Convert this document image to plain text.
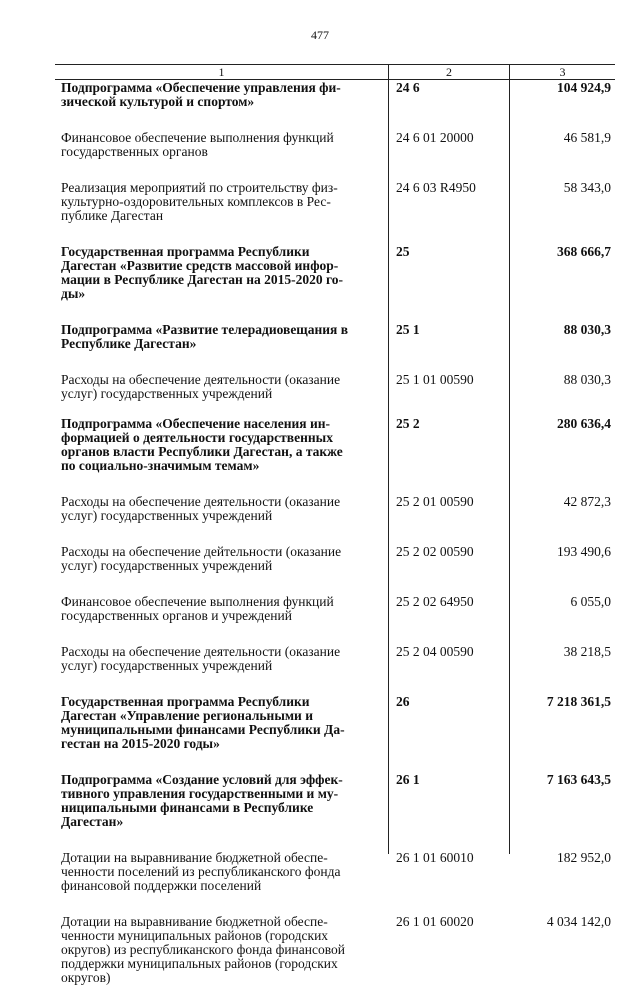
477
1	2	3
Подпрограмма «Обеспечение управления фи-
зической культурой и спортом»
24 6	104 924,9
Финансовое обеспечение выполнения функций
государственных органов
24 6 01 20000	46 581,9
Реализация мероприятий по строительству физ-
культурно-оздоровительных комплексов в Рес-
публике Дагестан
24 6 03 R4950	58 343,0
Государственная программа Республики
Дагестан «Развитие средств массовой инфор-
мации в Республике Дагестан на 2015-2020 го-
ды»
25	368 666,7
Подпрограмма «Развитие телерадиовещания в
Республике Дагестан»
25 1	88 030,3
Расходы на обеспечение деятельности (оказание
услуг) государственных учреждений
25 1 01 00590	88 030,3
Подпрограмма «Обеспечение населения ин-
формацией о деятельности государственных
органов власти Республики Дагестан, а также
по социально-значимым темам»
25 2	280 636,4
Расходы на обеспечение деятельности (оказание
услуг) государственных учреждений
25 2 01 00590	42 872,3
Расходы на обеспечение дейтельности (оказание
услуг) государственных учреждений
25 2 02 00590	193 490,6
Финансовое обеспечение выполнения функций
государственных органов и учреждений
25 2 02 64950	6 055,0
Расходы на обеспечение деятельности (оказание
услуг) государственных учреждений
25 2 04 00590	38 218,5
Государственная программа Республики
Дагестан «Управление региональными и
муниципальными финансами Республики Да-
гестан на 2015-2020 годы»
26	7 218 361,5
Подпрограмма «Создание условий для эффек-
тивного управления государственными и му-
ниципальными финансами в Республике
Дагестан»
26 1	7 163 643,5
Дотации на выравнивание бюджетной обеспе-
ченности поселений из республиканского фонда
финансовой поддержки поселений
26 1 01 60010	182 952,0
Дотации на выравнивание бюджетной обеспе-
ченности муниципальных районов (городских
округов) из республиканского фонда финансовой
поддержки муниципальных районов (городских
округов)
26 1 01 60020	4 034 142,0
